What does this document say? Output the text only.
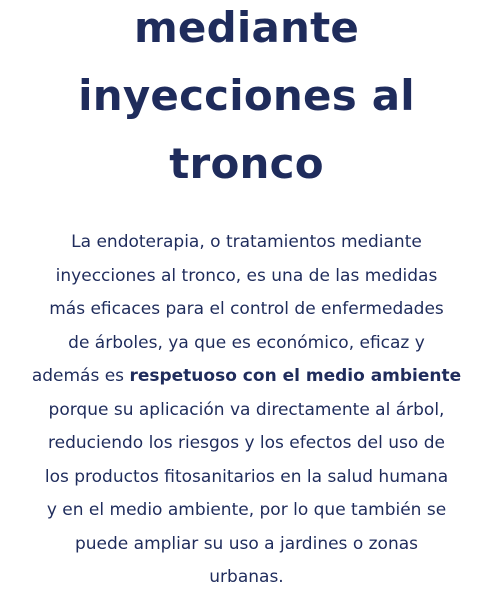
mediante
inyecciones al
tronco

La endoterapia, o tratamientos mediante
inyecciones al tronco, es una de las medidas
más eficaces para el control de enfermedades
de árboles, ya que es económico, eficaz y
además es respetuoso con el medio ambiente
porque su aplicación va directamente al árbol,
reduciendo los riesgos y los efectos del uso de
los productos fitosanitarios en la salud humana
y en el medio ambiente, por lo que también se
puede ampliar su uso a jardines o zonas
urbanas.
